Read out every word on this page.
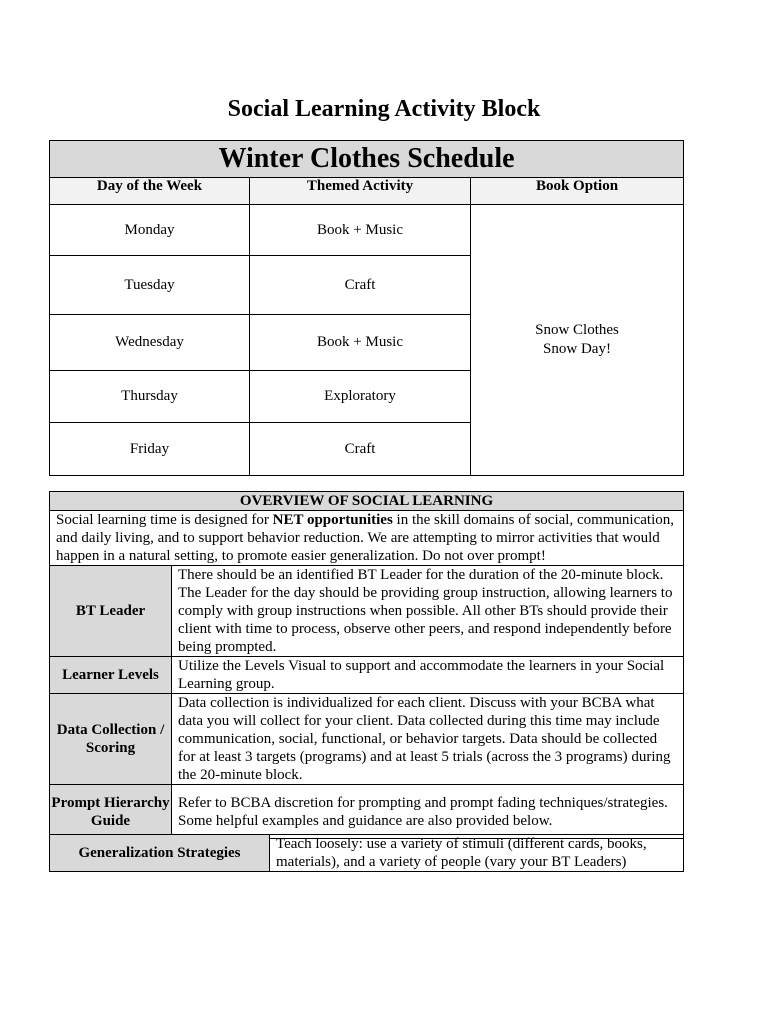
Social Learning Activity Block
Winter Clothes Schedule		
Day of the Week	Themed Activity	Book Option
Monday	Book + Music	Snow Clothes
Snow Day!

Tuesday	Craft	
Wednesday	Book + Music	
Thursday	Exploratory	
Friday	Craft	
OVERVIEW OF SOCIAL LEARNING	
Social learning time is designed for NET opportunities in the skill domains of social, communication, and daily living, and to support behavior reduction. We are attempting to mirror activities that would happen in a natural setting, to promote easier generalization. Do not over prompt!	
BT Leader	There should be an identified BT Leader for the duration of the 20-minute block. The Leader for the day should be providing group instruction, allowing learners to comply with group instructions when possible. All other BTs should provide their client with time to process, observe other peers, and respond independently before being prompted.
Learner Levels	Utilize the Levels Visual to support and accommodate the learners in your Social Learning group.
Data Collection / Scoring	Data collection is individualized for each client. Discuss with your BCBA what data you will collect for your client. Data collected during this time may include communication, social, functional, or behavior targets. Data should be collected for at least 3 targets (programs) and at least 5 trials (across the 3 programs) during the 20-minute block.
Prompt Hierarchy Guide	Refer to BCBA discretion for prompting and prompt fading techniques/strategies. Some helpful examples and guidance are also provided below.
Generalization Strategies	Teach loosely: use a variety of stimuli (different cards, books, materials), and a variety of people (vary your BT Leaders)
